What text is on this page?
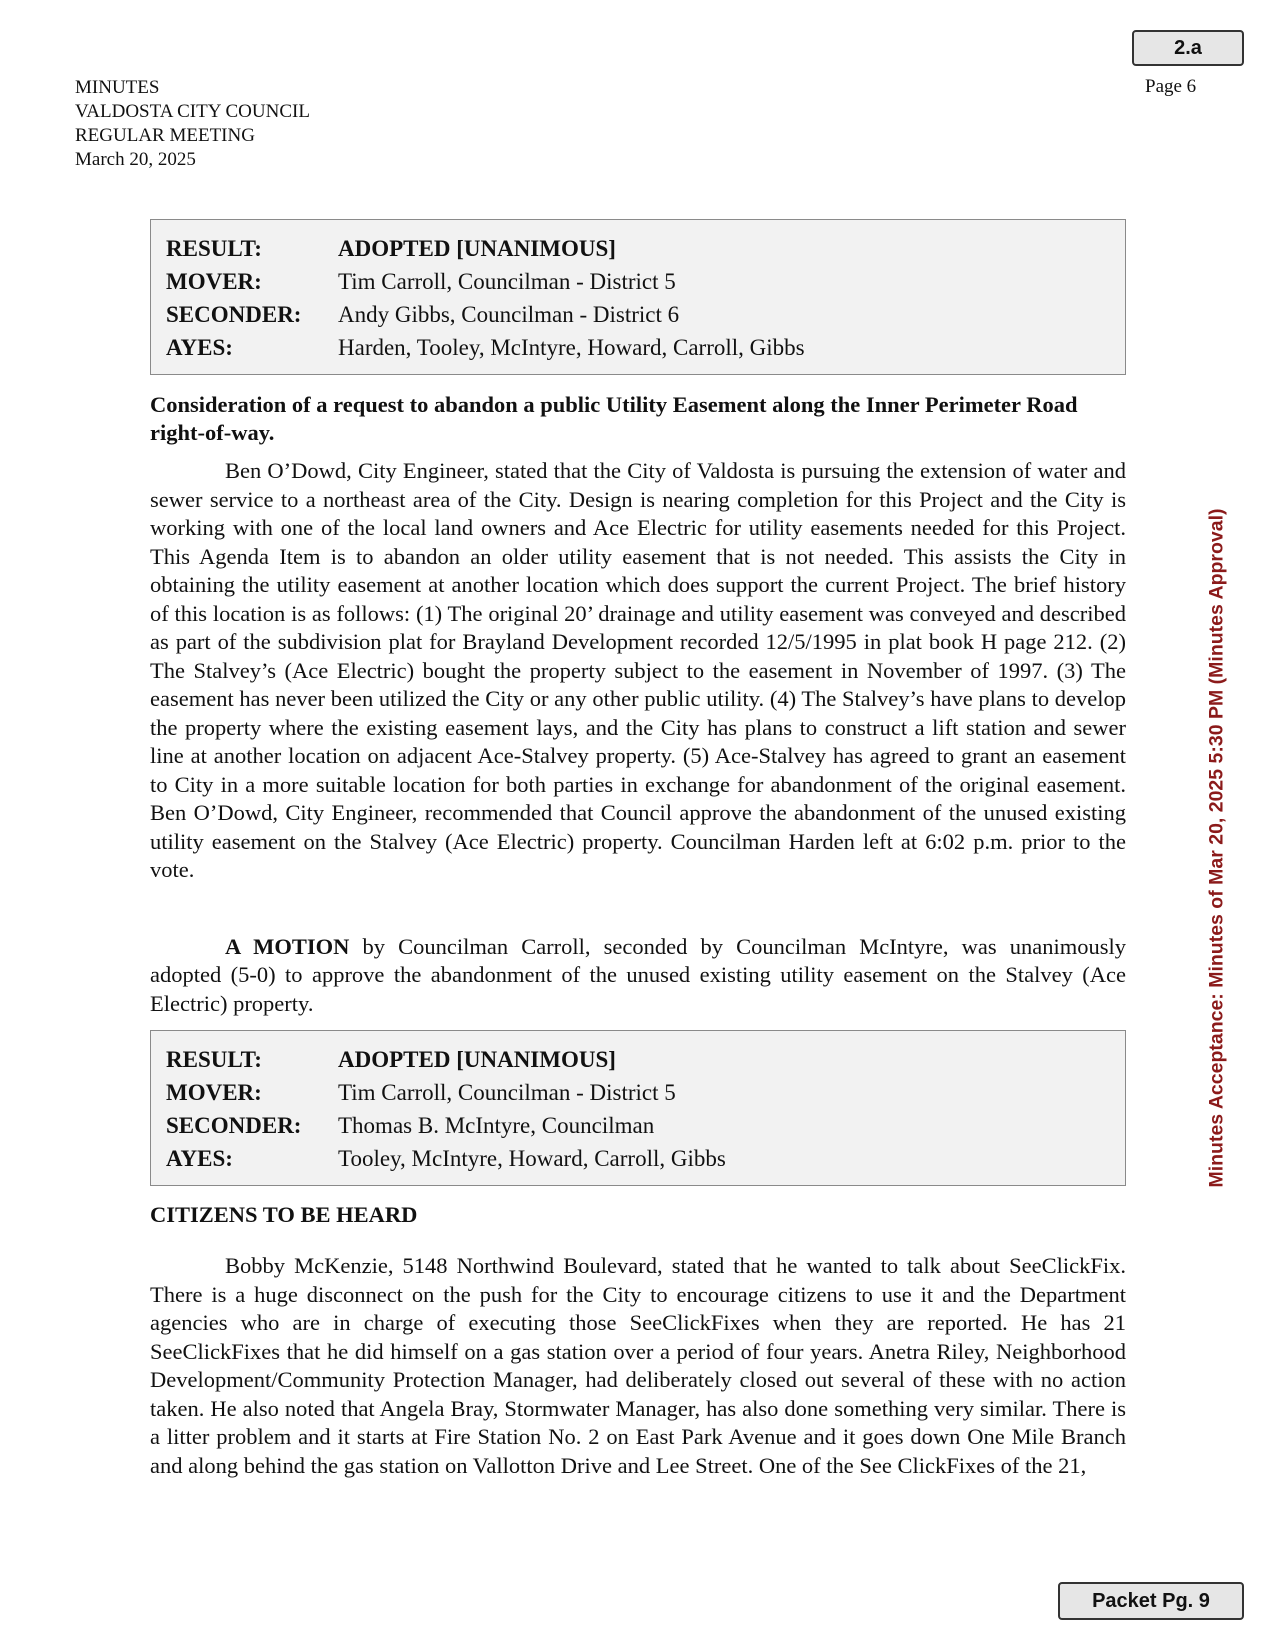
2.a
Page 6
MINUTES
VALDOSTA CITY COUNCIL
REGULAR MEETING
March 20, 2025
Minutes Acceptance: Minutes of Mar 20, 2025 5:30 PM (Minutes Approval)
RESULT:	ADOPTED [UNANIMOUS]
MOVER:	Tim Carroll, Councilman - District 5
SECONDER:	Andy Gibbs, Councilman - District 6
AYES:	Harden, Tooley, McIntyre, Howard, Carroll, Gibbs
Consideration of a request to abandon a public Utility Easement along the Inner Perimeter Road right-of-way.

Ben O’Dowd, City Engineer, stated that the City of Valdosta is pursuing the extension of water and sewer service to a northeast area of the City. Design is nearing completion for this Project and the City is working with one of the local land owners and Ace Electric for utility easements needed for this Project. This Agenda Item is to abandon an older utility easement that is not needed. This assists the City in obtaining the utility easement at another location which does support the current Project. The brief history of this location is as follows: (1) The original 20’ drainage and utility easement was conveyed and described as part of the subdivision plat for Brayland Development recorded 12/5/1995 in plat book H page 212. (2) The Stalvey’s (Ace Electric) bought the property subject to the easement in November of 1997. (3) The easement has never been utilized the City or any other public utility. (4) The Stalvey’s have plans to develop the property where the existing easement lays, and the City has plans to construct a lift station and sewer line at another location on adjacent Ace-Stalvey property. (5) Ace-Stalvey has agreed to grant an easement to City in a more suitable location for both parties in exchange for abandonment of the original easement. Ben O’Dowd, City Engineer, recommended that Council approve the abandonment of the unused existing utility easement on the Stalvey (Ace Electric) property. Councilman Harden left at 6:02 p.m. prior to the vote.

A MOTION by Councilman Carroll, seconded by Councilman McIntyre, was unanimously adopted (5-0) to approve the abandonment of the unused existing utility easement on the Stalvey (Ace Electric) property.

RESULT:	ADOPTED [UNANIMOUS]
MOVER:	Tim Carroll, Councilman - District 5
SECONDER:	Thomas B. McIntyre, Councilman
AYES:	Tooley, McIntyre, Howard, Carroll, Gibbs
CITIZENS TO BE HEARD

Bobby McKenzie, 5148 Northwind Boulevard, stated that he wanted to talk about SeeClickFix. There is a huge disconnect on the push for the City to encourage citizens to use it and the Department agencies who are in charge of executing those SeeClickFixes when they are reported. He has 21 SeeClickFixes that he did himself on a gas station over a period of four years. Anetra Riley, Neighborhood Development/Community Protection Manager, had deliberately closed out several of these with no action taken. He also noted that Angela Bray, Stormwater Manager, has also done something very similar. There is a litter problem and it starts at Fire Station No. 2 on East Park Avenue and it goes down One Mile Branch and along behind the gas station on Vallotton Drive and Lee Street. One of the See ClickFixes of the 21,

Packet Pg. 9
